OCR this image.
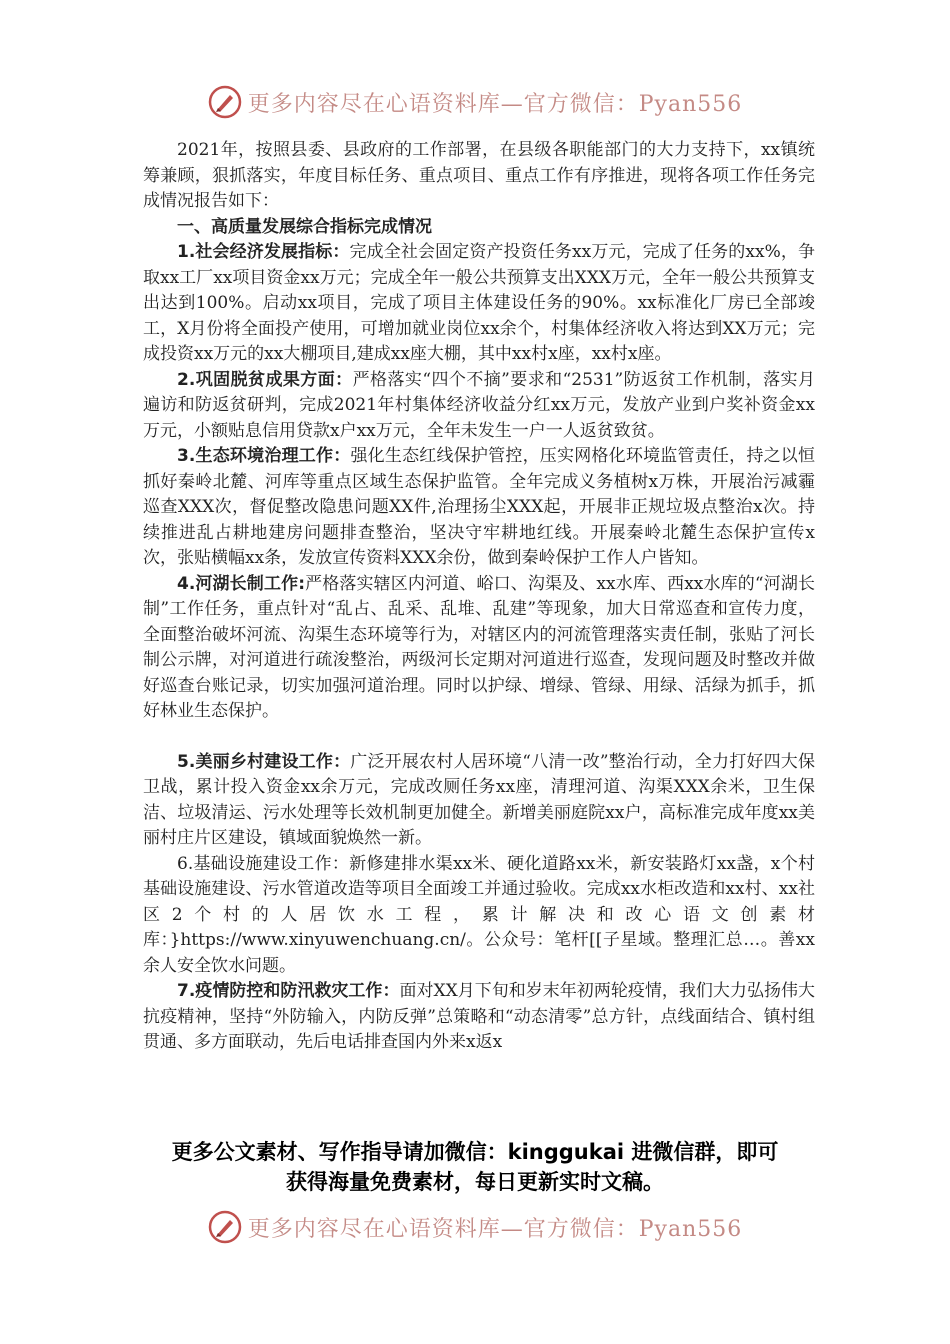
更多内容尽在心语资料库—官方微信：Pyan556

2021年，按照县委、县政府的工作部署，在县级各职能部门的大力支持下，xx镇统筹兼顾，狠抓落实，年度目标任务、重点项目、重点工作有序推进，现将各项工作任务完成情况报告如下：

一、高质量发展综合指标完成情况

1.社会经济发展指标：完成全社会固定资产投资任务xx万元，完成了任务的xx%，争取xx工厂xx项目资金xx万元；完成全年一般公共预算支出XXX万元，全年一般公共预算支出达到100%。启动xx项目，完成了项目主体建设任务的90%。xx标准化厂房已全部竣工，X月份将全面投产使用，可增加就业岗位xx余个，村集体经济收入将达到XX万元；完成投资xx万元的xx大棚项目,建成xx座大棚，其中xx村x座，xx村x座。

2.巩固脱贫成果方面：严格落实“四个不摘”要求和“2531”防返贫工作机制，落实月遍访和防返贫研判，完成2021年村集体经济收益分红xx万元，发放产业到户奖补资金xx万元，小额贴息信用贷款x户xx万元，全年未发生一户一人返贫致贫。

3.生态环境治理工作：强化生态红线保护管控，压实网格化环境监管责任，持之以恒抓好秦岭北麓、河库等重点区域生态保护监管。全年完成义务植树x万株，开展治污减霾巡查XXX次，督促整改隐患问题XX件,治理扬尘XXX起，开展非正规垃圾点整治x次。持续推进乱占耕地建房问题排查整治，坚决守牢耕地红线。开展秦岭北麓生态保护宣传x次，张贴横幅xx条，发放宣传资料XXX余份，做到秦岭保护工作人户皆知。

4.河湖长制工作:严格落实辖区内河道、峪口、沟渠及、xx水库、西xx水库的“河湖长制”工作任务，重点针对“乱占、乱采、乱堆、乱建”等现象，加大日常巡查和宣传力度，全面整治破坏河流、沟渠生态环境等行为，对辖区内的河流管理落实责任制，张贴了河长制公示牌，对河道进行疏浚整治，两级河长定期对河道进行巡查，发现问题及时整改并做好巡查台账记录，切实加强河道治理。同时以护绿、增绿、管绿、用绿、活绿为抓手，抓好林业生态保护。

5.美丽乡村建设工作：广泛开展农村人居环境“八清一改”整治行动，全力打好四大保卫战，累计投入资金xx余万元，完成改厕任务xx座，清理河道、沟渠XXX余米，卫生保洁、垃圾清运、污水处理等长效机制更加健全。新增美丽庭院xx户，高标准完成年度xx美丽村庄片区建设，镇域面貌焕然一新。

6.基础设施建设工作：新修建排水渠xx米、硬化道路xx米，新安装路灯xx盏，x个村基础设施建设、污水管道改造等项目全面竣工并通过验收。完成xx水柜改造和xx村、xx社区2个村的人居饮水工程，累计解决和改心语文创素材库：}https://www.xinyuwenchuang.cn/。公众号：笔杆[[子星域。整理汇总…。善xx余人安全饮水问题。

7.疫情防控和防汛救灾工作：面对XX月下旬和岁末年初两轮疫情，我们大力弘扬伟大抗疫精神，坚持“外防输入，内防反弹”总策略和“动态清零”总方针，点线面结合、镇村组贯通、多方面联动，先后电话排查国内外来x返x

更多公文素材、写作指导请加微信：kinggukai 进微信群，即可
获得海量免费素材，每日更新实时文稿。
更多内容尽在心语资料库—官方微信：Pyan556
